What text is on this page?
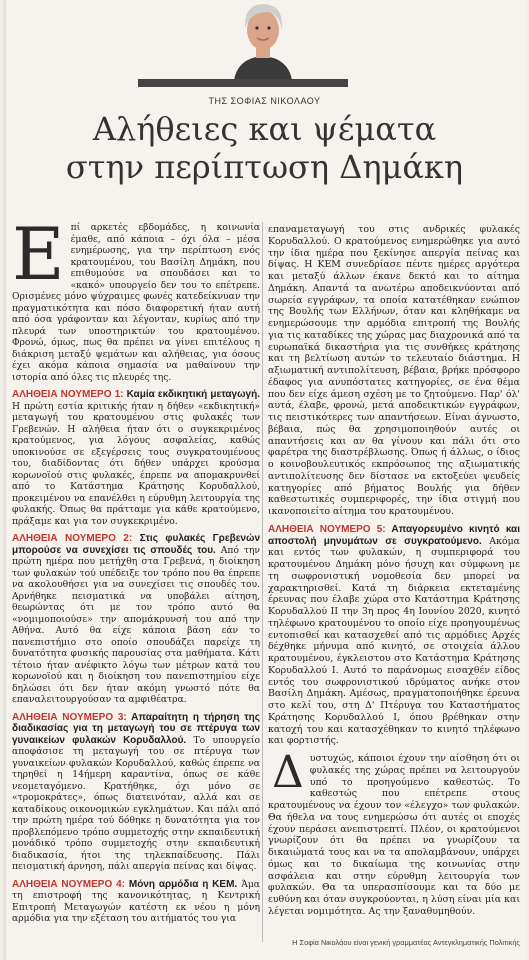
ΤΗΣ ΣΟΦΙΑΣ ΝΙΚΟΛΑΟΥ
Αλήθειες και ψέματα
στην περίπτωση Δημάκη

Επί αρκετές εβδομάδες, η κοινωνία έμαθε, από κάποια – όχι όλα – μέσα ενημέρωσης, για την περίπτωση ενός κρατουμένου, του Βασίλη Δημάκη, που επιθυμούσε να σπουδάσει και το «κακό» υπουργείο δεν του το επέτρεπε. Ορισμένες μόνο ψύχραιμες φωνές κατεδείκνυαν την πραγματικότητα και πόσο διαφορετική ήταν αυτή από όσα γράφονταν και λέγονταν, κυρίως από την πλευρά των υποστηρικτών του κρατουμένου. Φρονώ, όμως, πως θα πρέπει να γίνει επιτέλους η διάκριση μεταξύ ψεμάτων και αλήθειας, για όσους έχει ακόμα κάποια σημασία να μαθαίνουν την ιστορία από όλες τις πλευρές της.

ΑΛΗΘΕΙΑ ΝΟΥΜΕΡΟ 1: Καμία εκδικητική μεταγωγή. Η πρώτη εστία κριτικής ήταν η δήθεν «εκδικητική» μεταγωγή του κρατουμένου στις φυλακές των Γρεβενών. Η αλήθεια ήταν ότι ο συγκεκριμένος κρατούμενος, για λόγους ασφαλείας, καθώς υποκινούσε σε εξεγέρσεις τους συγκρατουμένους του, διαδίδοντας ότι δήθεν υπάρχει κρούσμα κορωνοϊού στις φυλακές, έπρεπε να απομακρυνθεί από το Κατάστημα Κράτησης Κορυδαλλού, προκειμένου να επανέλθει η εύρυθμη λειτουργία της φυλακής. Όπως θα πράτταμε για κάθε κρατούμενο, πράξαμε και για τον συγκεκριμένο.

ΑΛΗΘΕΙΑ ΝΟΥΜΕΡΟ 2: Στις φυλακές Γρεβενών μπορούσε να συνεχίσει τις σπουδές του. Από την πρώτη ημέρα που μετήχθη στα Γρεβενά, η διοίκηση των φυλακών τού υπέδειξε τον τρόπο που θα έπρεπε να ακολουθήσει για να συνεχίσει τις σπουδές του. Αρνήθηκε πεισματικά να υποβάλει αίτηση, θεωρώντας ότι με τον τρόπο αυτό θα «νομιμοποιούσε» την απομάκρυνσή του από την Αθήνα. Αυτό θα είχε κάποια βάση εάν το πανεπιστήμιο στο οποίο σπουδάζει παρείχε τη δυνατότητα φυσικής παρουσίας στα μαθήματα. Κάτι τέτοιο ήταν ανέφικτο λόγω των μέτρων κατά του κορωνοϊού και η διοίκηση του πανεπιστημίου είχε δηλώσει ότι δεν ήταν ακόμη γνωστό πότε θα επαναλειτουργούσαν τα αμφιθέατρα.

ΑΛΗΘΕΙΑ ΝΟΥΜΕΡΟ 3: Απαραίτητη η τήρηση της διαδικασίας για τη μεταγωγή του σε πτέρυγα των γυναικείων φυλακών Κορυδαλλού. Το υπουργείο αποφάσισε τη μεταγωγή του σε πτέρυγα των γυναικείων φυλακών Κορυδαλλού, καθώς έπρεπε να τηρηθεί η 14ήμερη καραντίνα, όπως σε κάθε νεομεταγόμενο. Κρατήθηκε, όχι μόνο σε «τρομοκράτες», όπως διατεινόταν, αλλά και σε καταδίκους οικονομικών εγκλημάτων. Και πάλι από την πρώτη ημέρα τού δόθηκε η δυνατότητα για τον προβλεπόμενο τρόπο συμμετοχής στην εκπαιδευτική μονάδικό τρόπο συμμετοχής στην εκπαιδευτική διαδικασία, ήτοι της τηλεκπαίδευσης. Πάλι πεισματική άρνηση, πάλι απεργία πείνας και δίψας.

ΑΛΗΘΕΙΑ ΝΟΥΜΕΡΟ 4: Μόνη αρμόδια η ΚΕΜ. Άμα τη επιστροφή της κανονικότητας, η Κεντρική Επιτροπή Μεταγωγών κατέστη εκ νέου η μόνη αρμόδια για την εξέταση του αιτήματός του για

επαναμεταγωγή του στις ανδρικές φυλακές Κορυδαλλού. Ο κρατούμενος ενημερώθηκε για αυτό την ίδια ημέρα που ξεκίνησε απεργία πείνας και δίψας. Η ΚΕΜ συνεδρίασε πέντε ημέρες αργότερα και μεταξύ άλλων έκανε δεκτό και το αίτημα Δημάκη. Απαντά τα ανωτέρω αποδεικνύονται από σωρεία εγγράφων, τα οποία κατατέθηκαν ενώπιον της Βουλής των Ελλήνων, όταν και κληθήκαμε να ενημερώσουμε την αρμόδια επιτροπή της Βουλής για τις καταδίκες της χώρας μας διαχρονικά από τα ευρωπαϊκά δικαστήρια για τις συνθήκες κράτησης και τη βελτίωση αυτών το τελευταίο διάστημα. Η αξιωματική αντιπολίτευση, βέβαια, βρήκε πρόσφορο έδαφος για ανυπόστατες κατηγορίες, σε ένα θέμα που δεν είχε άμεση σχέση με το ζητούμενο. Παρ' όλ' αυτά, έλαβε, φρονώ, μετά αποδεικτικών εγγράφων, τις πειστικότερες των απαντήσεων. Είναι άγνωστο, βέβαια, πώς θα χρησιμοποιηθούν αυτές οι απαντήσεις και αν θα γίνουν και πάλι ότι στο φαρέτρα της διαστρέβλωσης. Όπως ή άλλως, ο ίδιος ο κοινοβουλευτικός εκπρόσωπος της αξιωματικής αντιπολίτευσης δεν δίστασε να εκτοξεύει ψευδείς κατηγορίες από βήματος Βουλής για δήθεν καθεστωτικές συμπεριφορές, την ίδια στιγμή που ικανοποιείτο αίτημα του κρατουμένου.

ΑΛΗΘΕΙΑ ΝΟΥΜΕΡΟ 5: Απαγορευμένο κινητό και αποστολή μηνυμάτων σε συγκρατούμενο. Ακόμα και εντός των φυλακών, η συμπεριφορά του κρατουμένου Δημάκη μόνο ήσυχη και σύμφωνη με τη σωφρονιστική νομοθεσία δεν μπορεί να χαρακτηρισθεί. Κατά τη διάρκεια εκτεταμένης έρευνας που έλαβε χώρα στο Κατάστημα Κράτησης Κορυδαλλού ΙΙ την 3η προς 4η Ιουνίου 2020, κινητό τηλέφωνο κρατουμένου το οποίο είχε προηγουμένως εντοπισθεί και κατασχεθεί από τις αρμόδιες Αρχές δέχθηκε μήνυμα από κινητό, σε στοιχεία άλλου κρατουμένου, έγκλειστου στο Κατάστημα Κράτησης Κορυδαλλού Ι. Αυτό το παράνομως εισαχθέν είδος εντός του σωφρονιστικού ιδρύματος ανήκε στον Βασίλη Δημάκη. Αμέσως, πραγματοποιήθηκε έρευνα στο κελί του, στη Δ' Πτέρυγα του Καταστήματος Κράτησης Κορυδαλλού Ι, όπου βρέθηκαν στην κατοχή του και κατασχέθηκαν το κινητό τηλέφωνο και φορτιστής.

Δυστυχώς, κάποιοι έχουν την αίσθηση ότι οι φυλακές της χώρας πρέπει να λειτουργούν υπό το προηγούμενο καθεστώς. Το καθεστώς που επέτρεπε στους κρατουμένους να έχουν τον «έλεγχο» των φυλακών. Θα ήθελα να τους ενημερώσω ότι αυτές οι εποχές έχουν περάσει ανεπιστρεπτί. Πλέον, οι κρατούμενοι γνωρίζουν ότι θα πρέπει να γνωρίζουν τα δικαιώματά τους και να τα απολαμβάνουν, υπάρχει όμως και το δικαίωμα της κοινωνίας στην ασφάλεια και στην εύρυθμη λειτουργία των φυλακών. Θα τα υπερασπίσουμε και τα δύο με ευθύνη και όταν συγκρούονται, η λύση είναι μία και λέγεται νομιμότητα. Ας την ξαναθυμηθούν.

Η Σοφία Νικολάου είναι γενική γραμματέας Αντεγκληματικής Πολιτικής
